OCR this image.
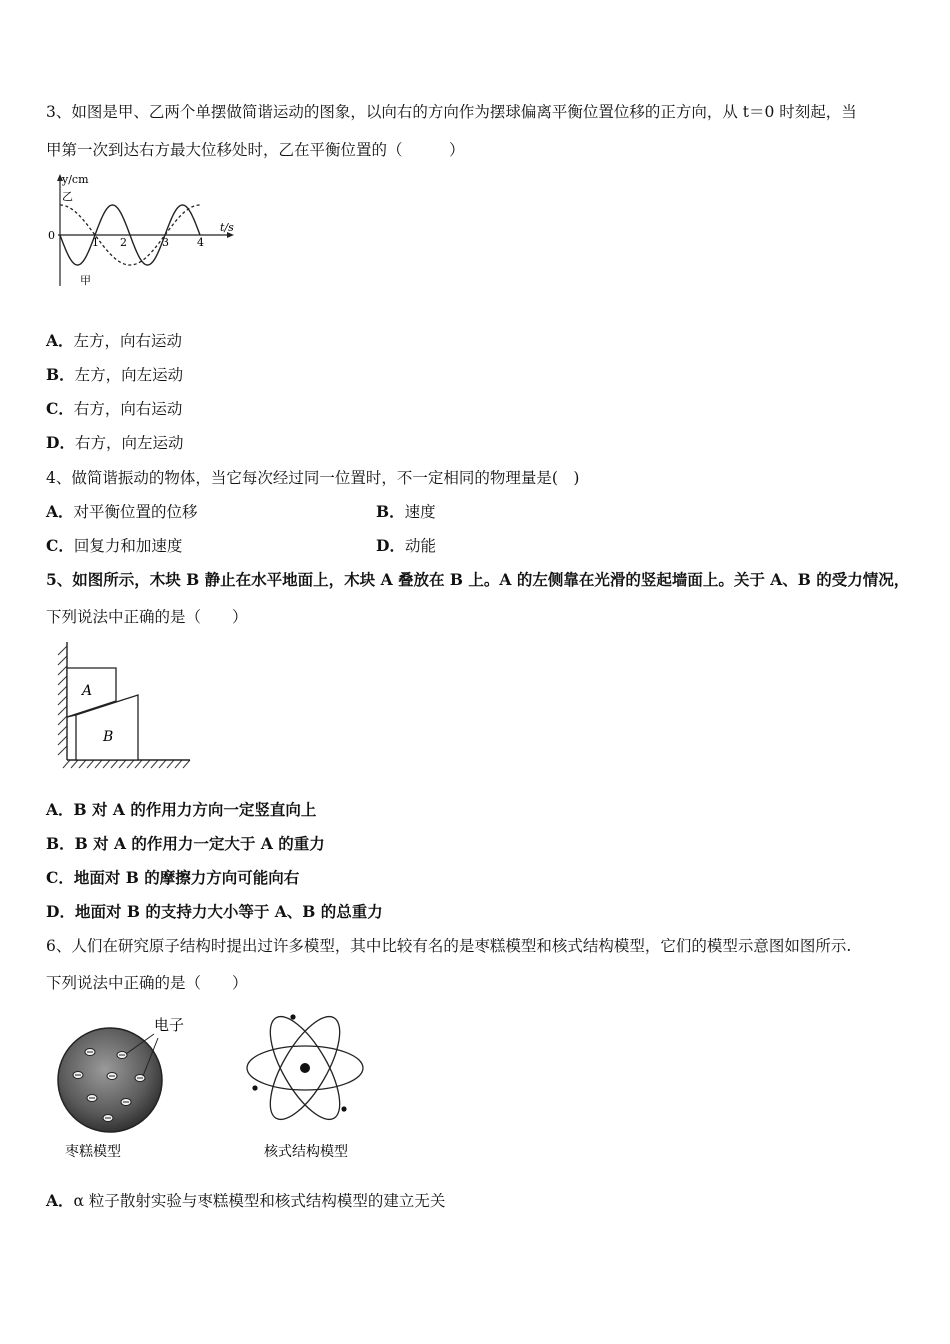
3、如图是甲、乙两个单摆做简谐运动的图象，以向右的方向作为摆球偏离平衡位置位移的正方向，从 t＝0 时刻起，当
甲第一次到达右方最大位移处时，乙在平衡位置的（　　　）
y/cm
t/s
0
1 2	3	4
乙
甲
A．左方，向右运动
B．左方，向左运动
C．右方，向右运动
D．右方，向左运动
4、做简谐振动的物体，当它每次经过同一位置时，不一定相同的物理量是(　)
A．对平衡位置的位移	B．速度
C．回复力和加速度	D．动能
5、如图所示，木块 B 静止在水平地面上，木块 A 叠放在 B 上。A 的左侧靠在光滑的竖起墙面上。关于 A、B 的受力情况，
下列说法中正确的是（　　）
A
B
A．B 对 A 的作用力方向一定竖直向上
B．B 对 A 的作用力一定大于 A 的重力
C．地面对 B 的摩擦力方向可能向右
D．地面对 B 的支持力大小等于 A、B 的总重力
6、人们在研究原子结构时提出过许多模型，其中比较有名的是枣糕模型和核式结构模型，它们的模型示意图如图所示.
下列说法中正确的是（　　）
电子
枣糕模型	核式结构模型
A．α 粒子散射实验与枣糕模型和核式结构模型的建立无关
